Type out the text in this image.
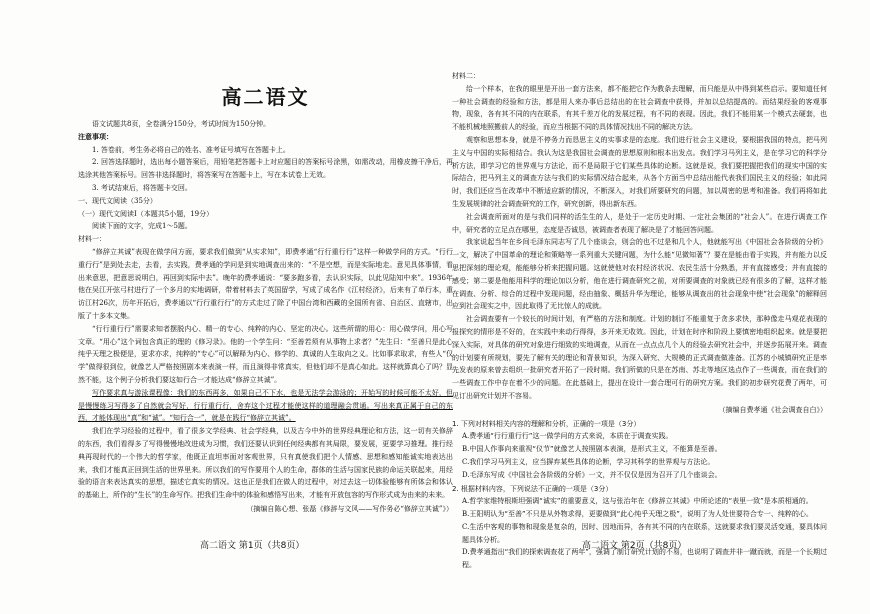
高二语文

语文试题共8页，全卷满分150分，考试时间为150分钟。

注意事项：

1. 答卷前，考生务必将自己的姓名、准考证号填写在答题卡上。

2. 回答选择题时，选出每小题答案后，用铅笔把答题卡上对应题目的答案标号涂黑，如需改动，用橡皮擦干净后，再选涂其他答案标号。回答非选择题时，将答案写在答题卡上，写在本试卷上无效。

3. 考试结束后，将答题卡交回。

一、现代文阅读（35分）

（一）现代文阅读Ⅰ（本题共5小题，19分）

阅读下面的文字，完成1～5题。

材料一：

“修辞立其诚”表现在做学问方面，要求我们做到“从实求知”，即费孝通“行行重行行”这样一种做学问的方式。“行行重行行”是到处去走，去看，去实践，费孝通的学问是到实地调查出来的：“不是空想，而是实际地走。意见具体事情，看出来意思，把意思说明白，再回到实际中去”。晚年的费孝通说：“要多跑多看，去认识实际，以此见陆知中来”。1936年他在吴江开弦弓村进行了一个多月的实地调研，带着材料去了英国留学，写成了成名作《江村经济》，后来有了单行本，重访江村26次，历年开拓后，费孝通以“行行重行行”的方式走过了除了中国台湾和西藏的全国所有省、自治区、直辖市，出版了十多本文集。

“行行重行行”需要求知者摆脱内心、精一的专心、纯粹的内心、坚定的决心。这些所谓的用心：用心做学问，用心写文章。“用心”这个词包含真正的理的《修习录》。他的一个学生问：“至善若须有从事物上求者？”先生曰：“至善只是此心纯乎天理之极便是，更求亦求，纯粹的“专心”可以解释为内心、修学的、真诚的人生取向之义。比如事求取求，有些人“仅学”做得很到位，就像艺人严格按照剧本来表演一样，而且演得非常真实，但他们却不是真心如此。这样就算真心了吗？显然不能，这个例子分析我们要这如行合一才能达成“修辞立其诚”。

写作要求真与游泳课程像：我们的东西再多，如果自己不下水，也是无法学会游泳的；开始写的时候可能不太好，但是慢慢练习写得多了自然就会写好，行行重行行，舍弃这个过程才能使这样的道理融会贯通。写出来真正属于自己的东西，才能体现出“真”和“诚”。“知行合一”，就是在践行“修辞立其诚”。

我们在学习经验的过程中，看了很多文学经典、社会学经典，以及古今中外的世界经典理论和方法，这一切有关修辞的东西，我们看得多了写得慢慢地改进成为习惯，我们还要认识到任何经典都有其局限，要发展，更要学习推理。推行经典再现时代的一个伟大的哲学家，他既正直坦率面对客观世界，只有真使我们把个人情感、思想和感知能诚实地表达出来，我们才能真正回到生活的世界里来。所以我们的写作要用个人的生命，群体的生活与国家民族的命运关联起来，用经验的语言来表达真实的思想，描述它真实的情况。这也正是我们在做人的过程中，对过去这一切体验能够有所体会和体认的基础上，所作的“生长”的生命写作。把我们生命中的体验和感悟写出来，才能有开放包容的写作形式成为由来的未来。

（摘编自陈心想、张磊《修辞与文风——写作务必“修辞立其诚”》）

高二语文 第1页（共8页）

材料二：

给一个样本，在我的眼里是开出一套方法来，都不能把它作为教条去理解，而只能是从中得到某些启示。要知道任何一种社会调查的经验和方法，都是用人来办事后总结出的在社会调查中获得，并加以总结提高的。而结果经验的客观事物，现象，各有其不同的内在联系，有其千差万化的发展过程，有不同的表现。因此，我们不能用某一个模式去硬套，也不能机械地照搬前人的经验，而应当根据不同的具体情况找出不同的解决方法。

观察和思想本身，就是不停务力而恳思主义的实事求是的态度。我们进行社会主义建设，要根据我国的特点，把马列主义与中国的实际相结合。我认为这是我国社会调查的思想原则和根本出发点。我们学习马列主义，是在学习它的科学分析方法，即学习它的世界观与方法论，而不是局限于它们某些具体的论断。这就是说，我们要把握把我们的现实中国的实际结合，把马列主义的调查方法与我们的实际情况结合起来，从各个方面当中总结出能代表我们国民主义的经验；如此同时，我们还应当在改革中不断适应新的情况，不断深入，对我们所要研究的问题，加以周密的思考和准备。我们再将如此生发展规律的社会调查研究的工作，研究创新，得出新东西。

社会调查所面对的是与我们同样的活生生的人，是处于一定历史时期、一定社会集团的“社会人”。在进行调查工作中，研究者的立足点在哪里，态度是否诚恳，被调查者表现了解决是了才能回答问题。

我家说起当年在乡间毛泽东同志写了几个座谈会，则会的也不过是和几个人，他就能写出《中国社会各阶级的分析》一文，解决了中国革命的理论和策略等一系列重大关键问题，为什么能“见微知著”？要在是能由看于实践，并有能力以反思把深刻的理论观，能能够分析来把握问题。这就使他对农村经济状况、农民生活十分熟悉，并有直接感受；并有直接的感受；第二要是他能用科学的理论加以分析，他在进行调查研究之前，对所要调查的对象就已经有很多的了解，这样才能在调查、分析、综合的过程中发现问题，经由抽象、概括升华为理论，能够从调查出的社会现象中使“社会现象”的解释回应到社会现实之中，因此取得了无比惊人的成就。

社会调查要有一个较长的时间计划，有严格的方法和制度。计划的制订不能重复于贪多求快，那种像走马观花表现的报探究的情形是不好的，在实践中来动行得得，多开来无收效。因此，计划在时序和阶段上要慎密地组织起来。就是要把深入实际，对具体的研究对象进行细致的实地调查，从而在一点点点几个人的经验去研究社会中，并逐步拓展开来。调查的计划要有所规划，要先了解有关的理论和背景知识，为深入研究、大规模的正式调查做准备。江苏的小城镇研究正是率先发表的原来曾去组织一批研究者开拓了一段时期。我们所做的只是在苏南、苏北等地区选点作了一些调查，而在我们的一些调查工作中存在着不少的问题。在此基础上，提出在设计一套合理可行的研究方案。我们的初步研究花费了两年，可见订出研究计划并不容易。

（摘编自费孝通《社会调查自白》）

1. 下列对材料相关内容的理解和分析，正确的一项是（3分）

A.费孝通“行行重行行”这一做学问的方式来说，本质在于调查实践。

B.中国人作事向来重视“仪节”就像艺人按照剧本表演，是形式主义，不能算是至善。

C.我们学习马列主义，应当摒弃某些具体的论断，学习其科学的世界观与方法论。

D.毛泽东写成《中国社会各阶级的分析》一文，并不仅仅是因为召开了几个座谈会。

2. 根据材料内容，下列说法不正确的一项是（3分）

A.哲学家维特根斯坦强调“诚实”的重要意义，这与张治年在《修辞立其诚》中所论述的“表里一致”是本质相通的。

B.王阳明认为“至善”不只是从外物求得，更要做到“此心纯乎天理之极”，说明了为人处世要符合专一、纯粹的心。

C.生活中客观的事物和现象是复杂的，因时、因地而异，各有其不同的内在联系，这就要求我们要灵活变通，要具体问题具体分析。

D.费孝通指出“我们的探索调查花了两年”，强调了制订研究计划的不易，也说明了调查并非一蹴而就，而是一个长期过程。

高二语文 第2页（共8页）
